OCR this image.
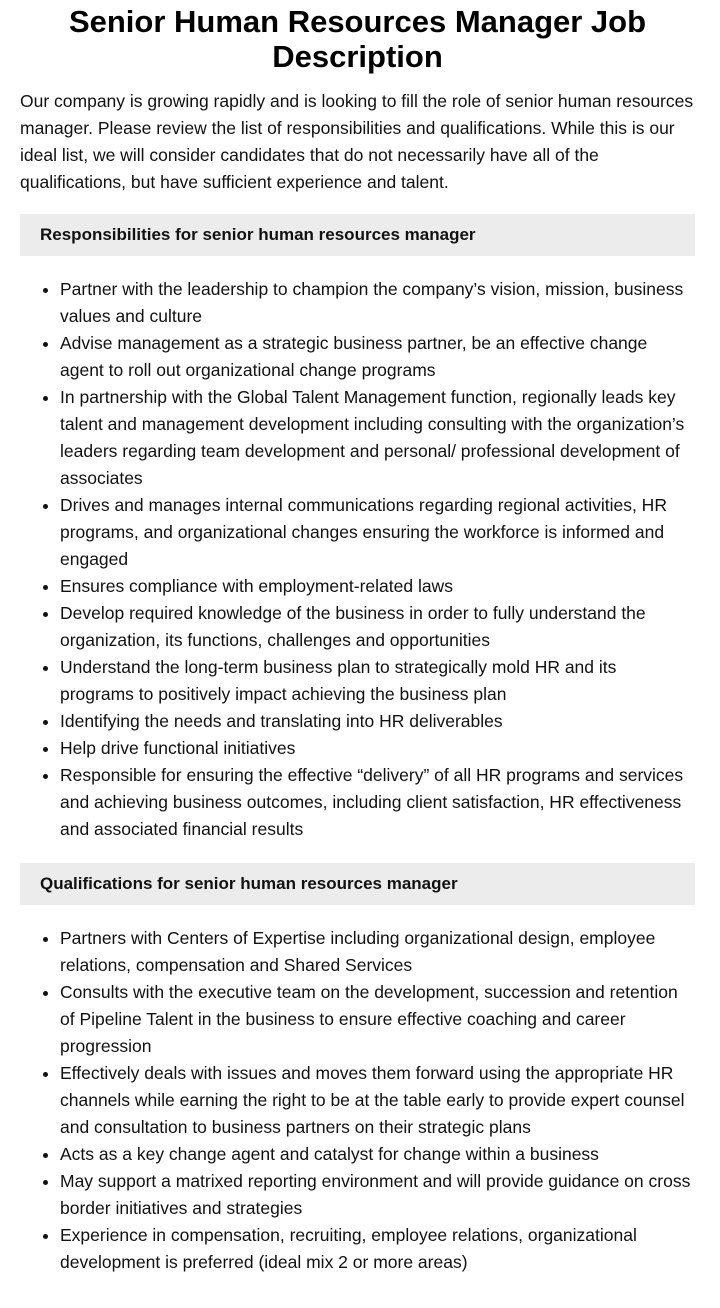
Senior Human Resources Manager Job Description

Our company is growing rapidly and is looking to fill the role of senior human resources manager. Please review the list of responsibilities and qualifications. While this is our ideal list, we will consider candidates that do not necessarily have all of the qualifications, but have sufficient experience and talent.

Responsibilities for senior human resources manager
• Partner with the leadership to champion the company’s vision, mission, business values and culture
• Advise management as a strategic business partner, be an effective change agent to roll out organizational change programs
• In partnership with the Global Talent Management function, regionally leads key talent and management development including consulting with the organization’s leaders regarding team development and personal/ professional development of associates
• Drives and manages internal communications regarding regional activities, HR programs, and organizational changes ensuring the workforce is informed and engaged
• Ensures compliance with employment-related laws
• Develop required knowledge of the business in order to fully understand the organization, its functions, challenges and opportunities
• Understand the long-term business plan to strategically mold HR and its programs to positively impact achieving the business plan
• Identifying the needs and translating into HR deliverables
• Help drive functional initiatives
• Responsible for ensuring the effective “delivery” of all HR programs and services and achieving business outcomes, including client satisfaction, HR effectiveness and associated financial results
Qualifications for senior human resources manager
• Partners with Centers of Expertise including organizational design, employee relations, compensation and Shared Services
• Consults with the executive team on the development, succession and retention of Pipeline Talent in the business to ensure effective coaching and career progression
• Effectively deals with issues and moves them forward using the appropriate HR channels while earning the right to be at the table early to provide expert counsel and consultation to business partners on their strategic plans
• Acts as a key change agent and catalyst for change within a business
• May support a matrixed reporting environment and will provide guidance on cross border initiatives and strategies
• Experience in compensation, recruiting, employee relations, organizational development is preferred (ideal mix 2 or more areas)
